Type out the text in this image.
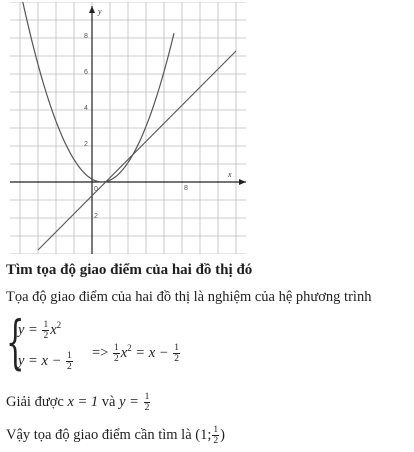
x
y
0
8
6
4
2
2
8
Tìm tọa độ giao điểm của hai đồ thị đó
Tọa độ giao điểm của hai đồ thị là nghiệm của hệ phương trình
{
$y = \frac{1}{2} x^2$
$y = x - \frac{1}{2} => \frac{1}{2} x^2 = x - \frac{1}{2}$
Giải được x = 1 và $y = \frac{1}{2}$
Vậy tọa độ giao điểm cần tìm là (1; $\frac{1}{2}$ )
